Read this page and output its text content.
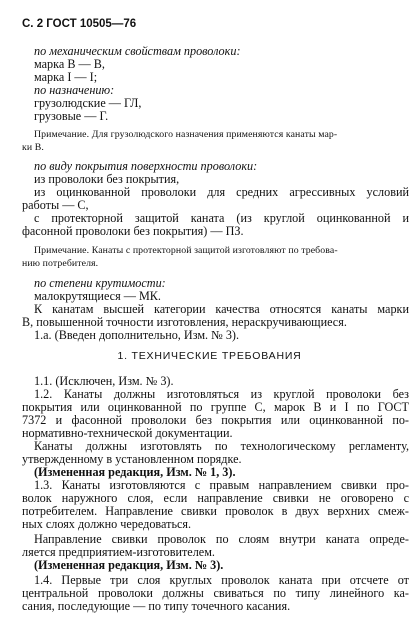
С. 2 ГОСТ 10505—76
по механическим свойствам проволоки:
марка В — В,
марка I — I;
по назначению:
грузолюдские — ГЛ,
грузовые — Г.
Примечание. Для грузолюдского назначения применяются канаты мар-
ки В.
по виду покрытия поверхности проволоки:
из проволоки без покрытия,
из оцинкованной проволоки для средних агрессивных условий
работы — С,
с протекторной защитой каната (из круглой оцинкованной и
фасонной проволоки без покрытия) — ПЗ.
Примечание. Канаты с протекторной защитой изготовляют по требова-
нию потребителя.
по степени крутимости:
малокрутящиеся — МК.
К канатам высшей категории качества относятся канаты марки
В, повышенной точности изготовления, нераскручивающиеся.
1.а. (Введен дополнительно, Изм. № 3).
1. ТЕХНИЧЕСКИЕ ТРЕБОВАНИЯ
1.1. (Исключен, Изм. № 3).
1.2. Канаты должны изготовляться из круглой проволоки без
покрытия или оцинкованной по группе С, марок В и I по ГОСТ
7372 и фасонной проволоки без покрытия или оцинкованной по-
нормативно-технической документации.
Канаты должны изготовлять по технологическому регламенту,
утвержденному в установленном порядке.
(Измененная редакция, Изм. № 1, 3).
1.3. Канаты изготовляются с правым направлением свивки про-
волок наружного слоя, если направление свивки не оговорено с
потребителем. Направление свивки проволок в двух верхних смеж-
ных слоях должно чередоваться.
Направление свивки проволок по слоям внутри каната опреде-
ляется предприятием-изготовителем.
(Измененная редакция, Изм. № 3).
1.4. Первые три слоя круглых проволок каната при отсчете от
центральной проволоки должны свиваться по типу линейного ка-
сания, последующие — по типу точечного касания.
